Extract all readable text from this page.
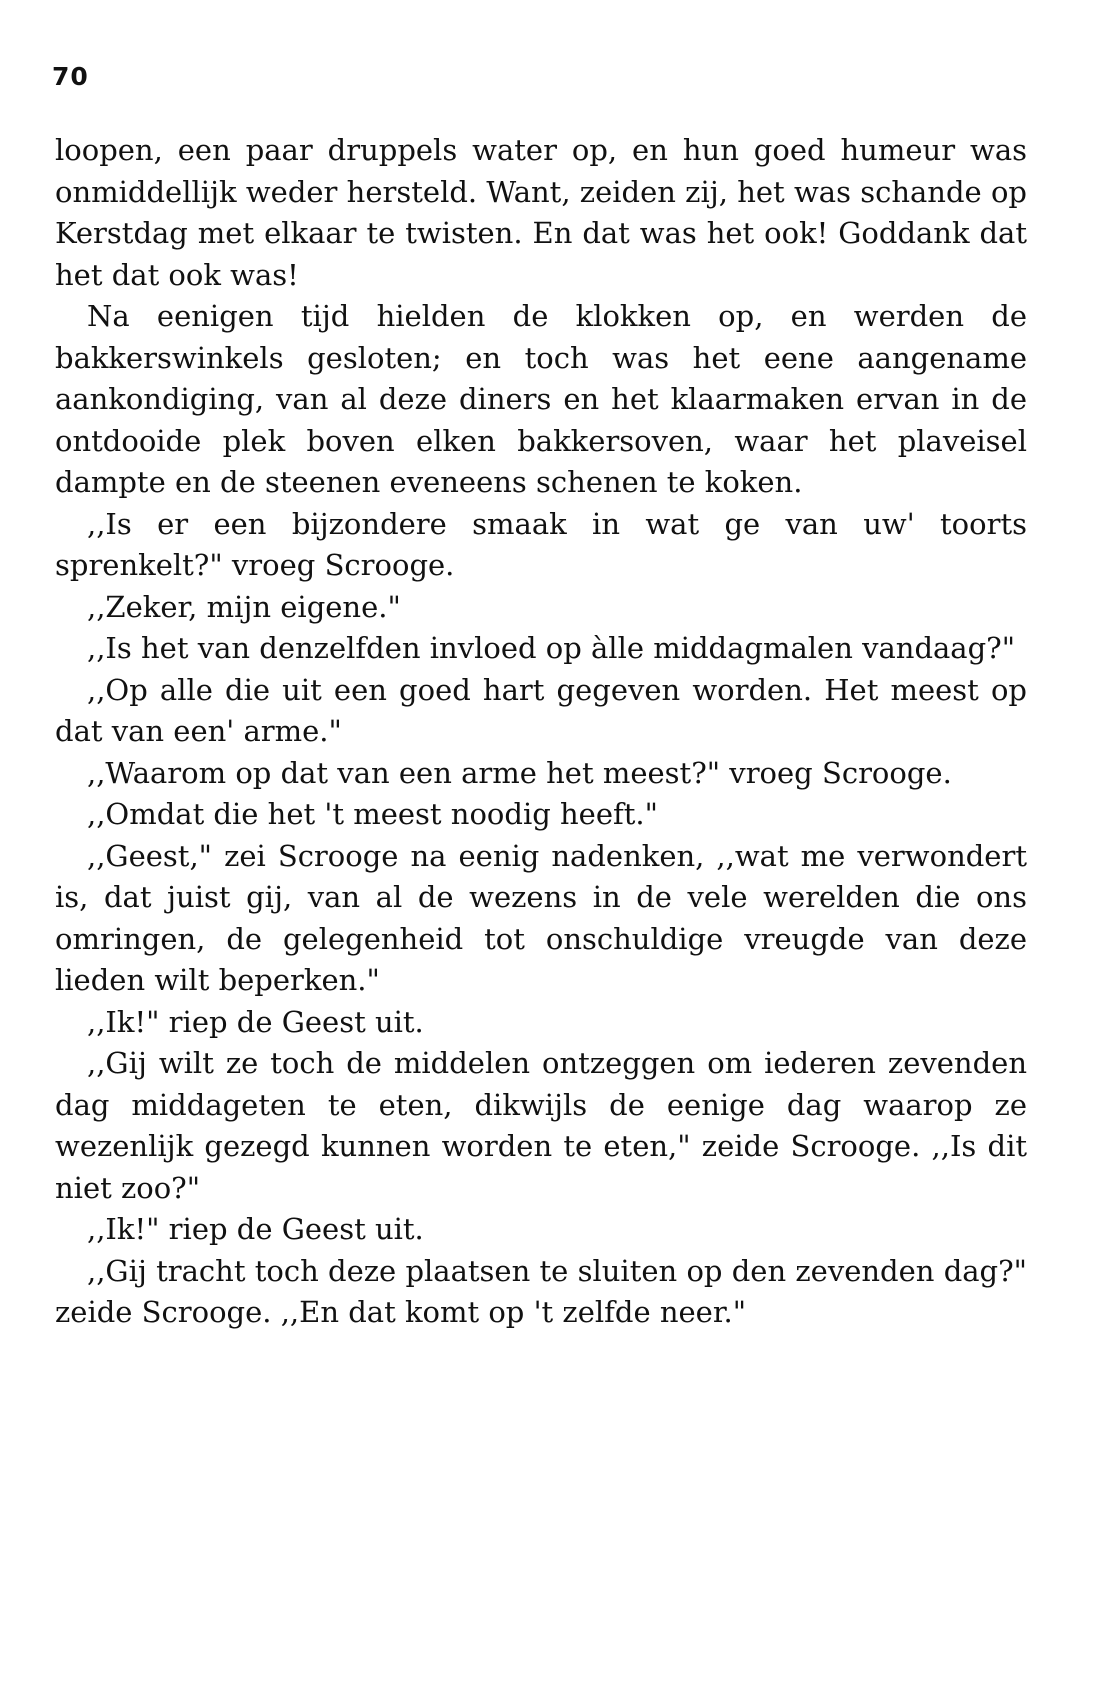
70

loopen, een paar druppels water op, en hun goed humeur was onmiddellijk weder hersteld. Want, zeiden zij, het was schande op Kerstdag met elkaar te twisten. En dat was het ook! Goddank dat het dat ook was!

Na eenigen tijd hielden de klokken op, en werden de bakkerswinkels gesloten; en toch was het eene aangename aankondiging, van al deze diners en het klaarmaken ervan in de ontdooide plek boven elken bakkersoven, waar het plaveisel dampte en de steenen eveneens schenen te koken.

,,Is er een bijzondere smaak in wat ge van uw' toorts sprenkelt?" vroeg Scrooge.

,,Zeker, mijn eigene."

,,Is het van denzelfden invloed op àlle middagmalen vandaag?"

,,Op alle die uit een goed hart gegeven worden. Het meest op dat van een' arme."

,,Waarom op dat van een arme het meest?" vroeg Scrooge.

,,Omdat die het 't meest noodig heeft."

,,Geest," zei Scrooge na eenig nadenken, ,,wat me verwondert is, dat juist gij, van al de wezens in de vele werelden die ons omringen, de gelegenheid tot onschuldige vreugde van deze lieden wilt beperken."

,,Ik!" riep de Geest uit.

,,Gij wilt ze toch de middelen ontzeggen om iederen zevenden dag middageten te eten, dikwijls de eenige dag waarop ze wezenlijk gezegd kunnen worden te eten," zeide Scrooge. ,,Is dit niet zoo?"

,,Ik!" riep de Geest uit.

,,Gij tracht toch deze plaatsen te sluiten op den zevenden dag?" zeide Scrooge. ,,En dat komt op 't zelfde neer."
